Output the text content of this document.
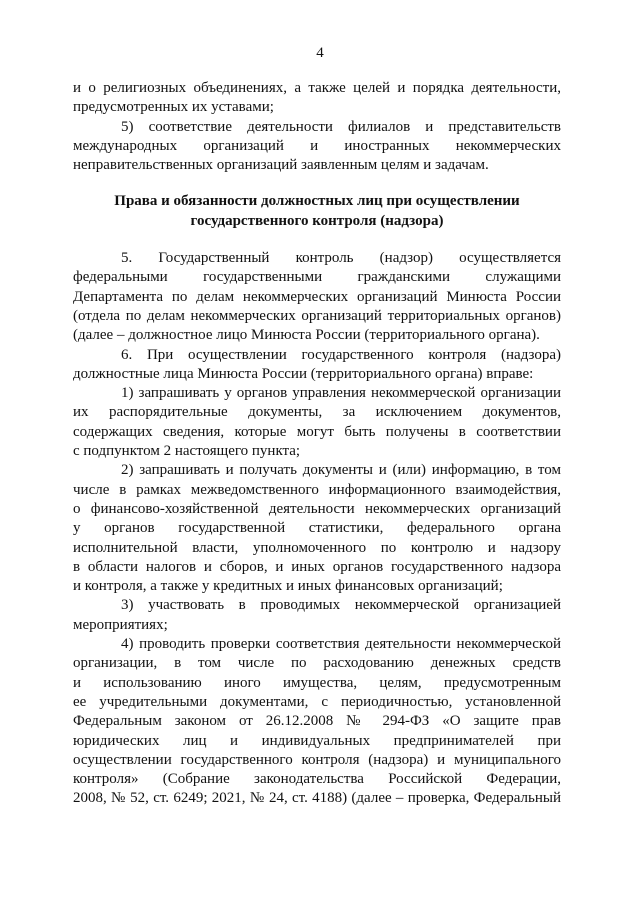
4
и о религиозных объединениях, а также целей и порядка деятельности,
предусмотренных их уставами;
5) соответствие деятельности филиалов и представительств
международных организаций и иностранных некоммерческих
неправительственных организаций заявленным целям и задачам.
Права и обязанности должностных лиц при осуществлении
государственного контроля (надзора)
5. Государственный контроль (надзор) осуществляется
федеральными государственными гражданскими служащими
Департамента по делам некоммерческих организаций Минюста России
(отдела по делам некоммерческих организаций территориальных органов)
(далее – должностное лицо Минюста России (территориального органа).
6. При осуществлении государственного контроля (надзора)
должностные лица Минюста России (территориального органа) вправе:
1) запрашивать у органов управления некоммерческой организации
их распорядительные документы, за исключением документов,
содержащих сведения, которые могут быть получены в соответствии
с подпунктом 2 настоящего пункта;
2) запрашивать и получать документы и (или) информацию, в том
числе в рамках межведомственного информационного взаимодействия,
о финансово-хозяйственной деятельности некоммерческих организаций
у органов государственной статистики, федерального органа
исполнительной власти, уполномоченного по контролю и надзору
в области налогов и сборов, и иных органов государственного надзора
и контроля, а также у кредитных и иных финансовых организаций;
3) участвовать в проводимых некоммерческой организацией
мероприятиях;
4) проводить проверки соответствия деятельности некоммерческой
организации, в том числе по расходованию денежных средств
и использованию иного имущества, целям, предусмотренным
ее учредительными документами, с периодичностью, установленной
Федеральным законом от 26.12.2008 № 294-ФЗ «О защите прав
юридических лиц и индивидуальных предпринимателей при
осуществлении государственного контроля (надзора) и муниципального
контроля» (Собрание законодательства Российской Федерации,
2008, № 52, ст. 6249; 2021, № 24, ст. 4188) (далее – проверка, Федеральный
